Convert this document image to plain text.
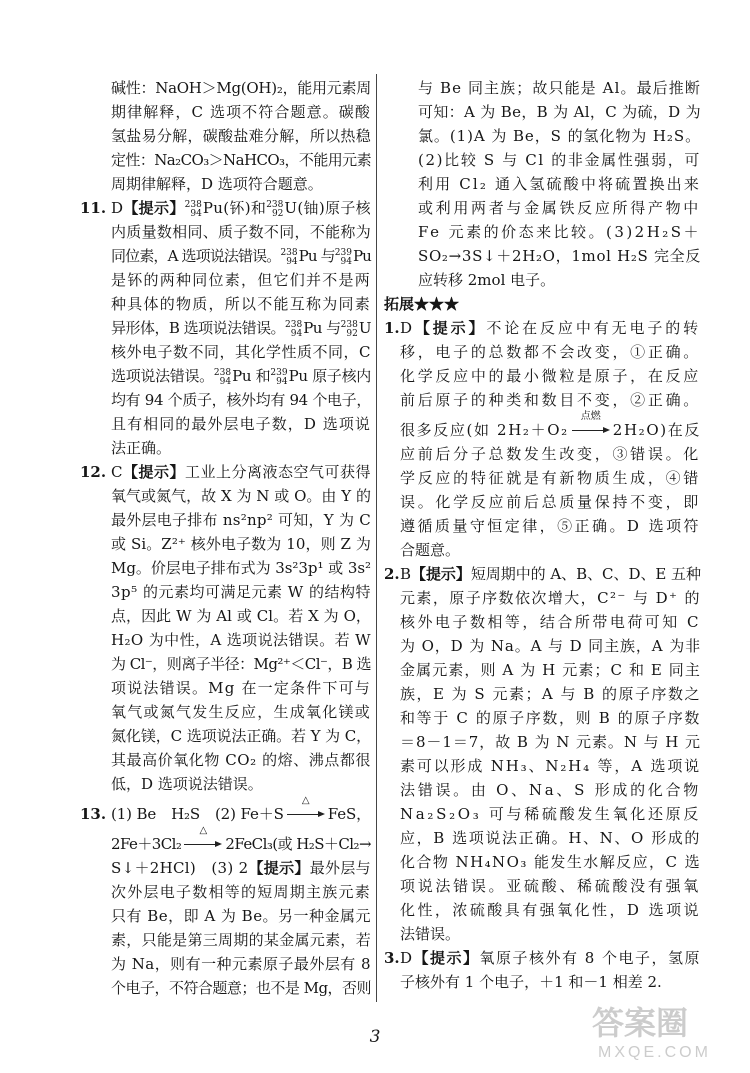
碱性：NaOH＞Mg(OH)₂，能用元素周
期律解释，C 选项不符合题意。碳酸
氢盐易分解，碳酸盐难分解，所以热稳
定性：Na₂CO₃＞NaHCO₃，不能用元素
周期律解释，D 选项符合题意。
D【提示】 238
94 Pu(钚)和 238
92 U(铀)原子核
11.
内质量数相同、质子数不同，不能称为
同位素，A 选项说法错误。 238
94 Pu 与 239
94 Pu
是钚的两种同位素，但它们并不是两
种具体的物质，所以不能互称为同素
异形体，B 选项说法错误。 238
94 Pu 与 238
92 U
核外电子数不同，其化学性质不同，C
选项说法错误。 238
94 Pu 和 239
94 Pu 原子核内
均有 94 个质子，核外均有 94 个电子，
且有相同的最外层电子数，D 选项说
法正确。
C【提示】工业上分离液态空气可获得
12.
氧气或氮气，故 X 为 N 或 O。由 Y 的
最外层电子排布 ns²np² 可知，Y 为 C
或 Si。Z²⁺ 核外电子数为 10，则 Z 为
Mg。价层电子排布式为 3s²3p¹ 或 3s²
3p⁵ 的元素均可满足元素 W 的结构特
点，因此 W 为 Al 或 Cl。若 X 为 O，
H₂O 为中性，A 选项说法错误。若 W
为 Cl⁻，则离子半径：Mg²⁺＜Cl⁻，B 选
项说法错误。Mg 在一定条件下可与
氧气或氮气发生反应，生成氧化镁或
氮化镁，C 选项说法正确。若 Y 为 C，
其最高价氧化物 CO₂ 的熔、沸点都很
低，D 选项说法错误。
(1) Be　H₂S　(2) Fe＋S
△
FeS，
13.
2Fe＋3Cl₂
△
2FeCl₃(或 H₂S＋Cl₂→
S↓＋2HCl)　(3) 2【提示】最外层与
次外层电子数相等的短周期主族元素
只有 Be，即 A 为 Be。另一种金属元
素，只能是第三周期的某金属元素，若
为 Na，则有一种元素原子最外层有 8
个电子，不符合题意；也不是 Mg，否则
与 Be 同主族；故只能是 Al。最后推断
可知：A 为 Be，B 为 Al，C 为硫，D 为
氯。(1)A 为 Be，S 的氢化物为 H₂S。
(2)比较 S 与 Cl 的非金属性强弱，可
利用 Cl₂ 通入氢硫酸中将硫置换出来
或利用两者与金属铁反应所得产物中
Fe 元素的价态来比较。(3)2H₂S＋
SO₂→3S↓＋2H₂O，1mol H₂S 完全反
应转移 2mol 电子。
拓展★★★
D【提示】不论在反应中有无电子的转
1.
移，电子的总数都不会改变，①正确。
化学反应中的最小微粒是原子，在反应
前后原子的种类和数目不变，②正确。
很多反应(如 2H₂＋O₂
点燃
2H₂O)在反
应前后分子总数发生改变，③错误。化
学反应的特征就是有新物质生成，④错
误。化学反应前后总质量保持不变，即
遵循质量守恒定律，⑤正确。D 选项符
合题意。
B【提示】短周期中的 A、B、C、D、E 五种
2.
元素，原子序数依次增大，C²⁻ 与 D⁺ 的
核外电子数相等，结合所带电荷可知 C
为 O，D 为 Na。A 与 D 同主族，A 为非
金属元素，则 A 为 H 元素；C 和 E 同主
族，E 为 S 元素；A 与 B 的原子序数之
和等于 C 的原子序数，则 B 的原子序数
＝8－1＝7，故 B 为 N 元素。N 与 H 元
素可以形成 NH₃、N₂H₄ 等，A 选项说
法错误。由 O、Na、S 形成的化合物
Na₂S₂O₃ 可与稀硫酸发生氧化还原反
应，B 选项说法正确。H、N、O 形成的
化合物 NH₄NO₃ 能发生水解反应，C 选
项说法错误。亚硫酸、稀硫酸没有强氧
化性，浓硫酸具有强氧化性，D 选项说
法错误。
D【提示】氧原子核外有 8 个电子，氢原
3.
子核外有 1 个电子，＋1 和－1 相差 2.
3	答案圈
MXQE.COM
